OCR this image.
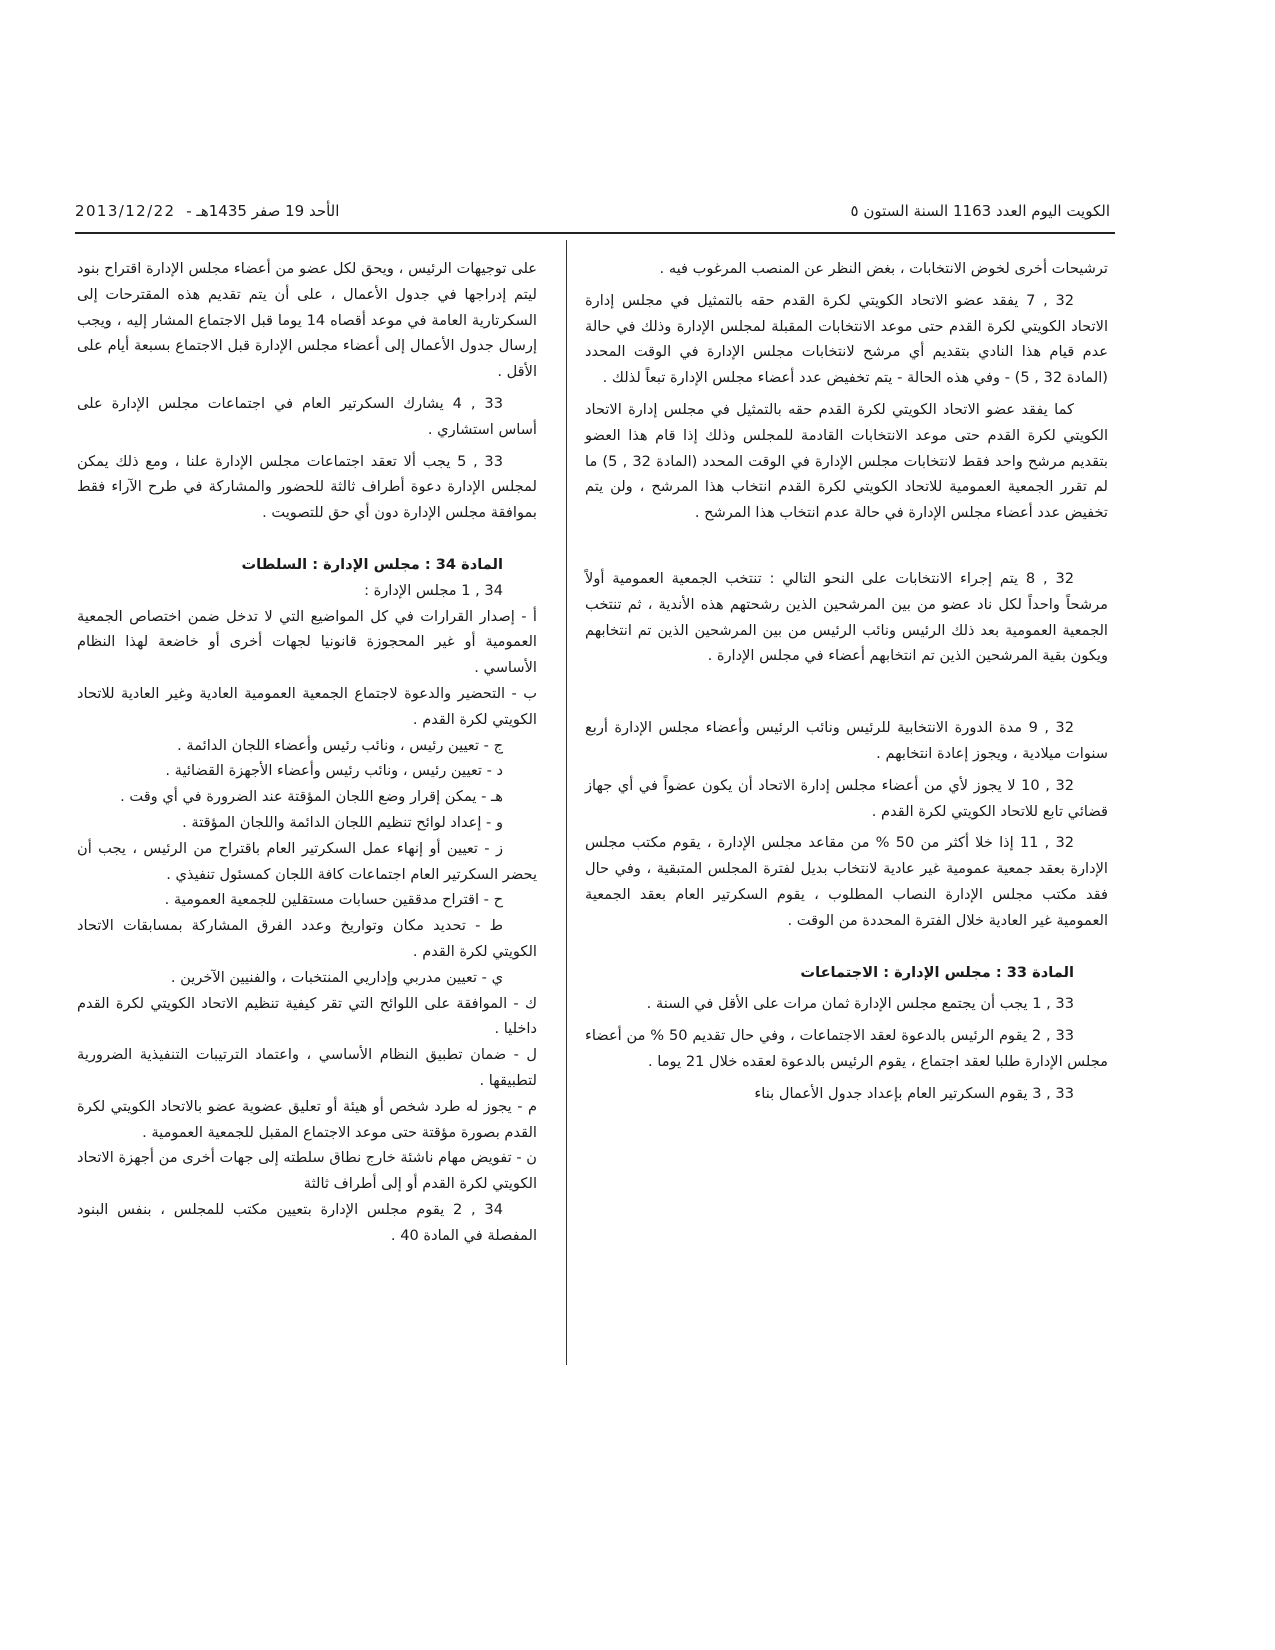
الكويت اليوم العدد 1163 السنة الستون ٥
الأحد 19 صفر 1435هـ - 2013/12/22

ترشيحات أخرى لخوض الانتخابات ، بغض النظر عن المنصب المرغوب فيه .

32 , 7 يفقد عضو الاتحاد الكويتي لكرة القدم حقه بالتمثيل في مجلس إدارة الاتحاد الكويتي لكرة القدم حتى موعد الانتخابات المقبلة لمجلس الإدارة وذلك في حالة عدم قيام هذا النادي بتقديم أي مرشح لانتخابات مجلس الإدارة في الوقت المحدد (المادة 32 , 5) - وفي هذه الحالة - يتم تخفيض عدد أعضاء مجلس الإدارة تبعاً لذلك .

كما يفقد عضو الاتحاد الكويتي لكرة القدم حقه بالتمثيل في مجلس إدارة الاتحاد الكويتي لكرة القدم حتى موعد الانتخابات القادمة للمجلس وذلك إذا قام هذا العضو بتقديم مرشح واحد فقط لانتخابات مجلس الإدارة في الوقت المحدد (المادة 32 , 5) ما لم تقرر الجمعية العمومية للاتحاد الكويتي لكرة القدم انتخاب هذا المرشح ، ولن يتم تخفيض عدد أعضاء مجلس الإدارة في حالة عدم انتخاب هذا المرشح .

32 , 8 يتم إجراء الانتخابات على النحو التالي : تنتخب الجمعية العمومية أولاً مرشحاً واحداً لكل ناد عضو من بين المرشحين الذين رشحتهم هذه الأندية ، ثم تنتخب الجمعية العمومية بعد ذلك الرئيس ونائب الرئيس من بين المرشحين الذين تم انتخابهم ويكون بقية المرشحين الذين تم انتخابهم أعضاء في مجلس الإدارة .

32 , 9 مدة الدورة الانتخابية للرئيس ونائب الرئيس وأعضاء مجلس الإدارة أربع سنوات ميلادية ، ويجوز إعادة انتخابهم .

32 , 10 لا يجوز لأي من أعضاء مجلس إدارة الاتحاد أن يكون عضواً في أي جهاز قضائي تابع للاتحاد الكويتي لكرة القدم .

32 , 11 إذا خلا أكثر من 50 % من مقاعد مجلس الإدارة ، يقوم مكتب مجلس الإدارة بعقد جمعية عمومية غير عادية لانتخاب بديل لفترة المجلس المتبقية ، وفي حال فقد مكتب مجلس الإدارة النصاب المطلوب ، يقوم السكرتير العام بعقد الجمعية العمومية غير العادية خلال الفترة المحددة من الوقت .

المادة 33 : مجلس الإدارة : الاجتماعات

33 , 1 يجب أن يجتمع مجلس الإدارة ثمان مرات على الأقل في السنة .

33 , 2 يقوم الرئيس بالدعوة لعقد الاجتماعات ، وفي حال تقديم 50 % من أعضاء مجلس الإدارة طلبا لعقد اجتماع ، يقوم الرئيس بالدعوة لعقده خلال 21 يوما .

33 , 3 يقوم السكرتير العام بإعداد جدول الأعمال بناء

على توجيهات الرئيس ، ويحق لكل عضو من أعضاء مجلس الإدارة اقتراح بنود ليتم إدراجها في جدول الأعمال ، على أن يتم تقديم هذه المقترحات إلى السكرتارية العامة في موعد أقصاه 14 يوما قبل الاجتماع المشار إليه ، ويجب إرسال جدول الأعمال إلى أعضاء مجلس الإدارة قبل الاجتماع بسبعة أيام على الأقل .

33 , 4 يشارك السكرتير العام في اجتماعات مجلس الإدارة على أساس استشاري .

33 , 5 يجب ألا تعقد اجتماعات مجلس الإدارة علنا ، ومع ذلك يمكن لمجلس الإدارة دعوة أطراف ثالثة للحضور والمشاركة في طرح الآراء فقط بموافقة مجلس الإدارة دون أي حق للتصويت .

المادة 34 : مجلس الإدارة : السلطات

34 , 1 مجلس الإدارة :

أ - إصدار القرارات في كل المواضيع التي لا تدخل ضمن اختصاص الجمعية العمومية أو غير المحجوزة قانونيا لجهات أخرى أو خاضعة لهذا النظام الأساسي .

ب - التحضير والدعوة لاجتماع الجمعية العمومية العادية وغير العادية للاتحاد الكويتي لكرة القدم .

ج - تعيين رئيس ، ونائب رئيس وأعضاء اللجان الدائمة .

د - تعيين رئيس ، ونائب رئيس وأعضاء الأجهزة القضائية .

هـ - يمكن إقرار وضع اللجان المؤقتة عند الضرورة في أي وقت .

و - إعداد لوائح تنظيم اللجان الدائمة واللجان المؤقتة .

ز - تعيين أو إنهاء عمل السكرتير العام باقتراح من الرئيس ، يجب أن يحضر السكرتير العام اجتماعات كافة اللجان كمسئول تنفيذي .

ح - اقتراح مدققين حسابات مستقلين للجمعية العمومية .

ط - تحديد مكان وتواريخ وعدد الفرق المشاركة بمسابقات الاتحاد الكويتي لكرة القدم .

ي - تعيين مدربي وإداريي المنتخبات ، والفنيين الآخرين .

ك - الموافقة على اللوائح التي تقر كيفية تنظيم الاتحاد الكويتي لكرة القدم داخليا .

ل - ضمان تطبيق النظام الأساسي ، واعتماد الترتيبات التنفيذية الضرورية لتطبيقها .

م - يجوز له طرد شخص أو هيئة أو تعليق عضوية عضو بالاتحاد الكويتي لكرة القدم بصورة مؤقتة حتى موعد الاجتماع المقبل للجمعية العمومية .

ن - تفويض مهام ناشئة خارج نطاق سلطته إلى جهات أخرى من أجهزة الاتحاد الكويتي لكرة القدم أو إلى أطراف ثالثة

34 , 2 يقوم مجلس الإدارة بتعيين مكتب للمجلس ، بنفس البنود المفصلة في المادة 40 .
